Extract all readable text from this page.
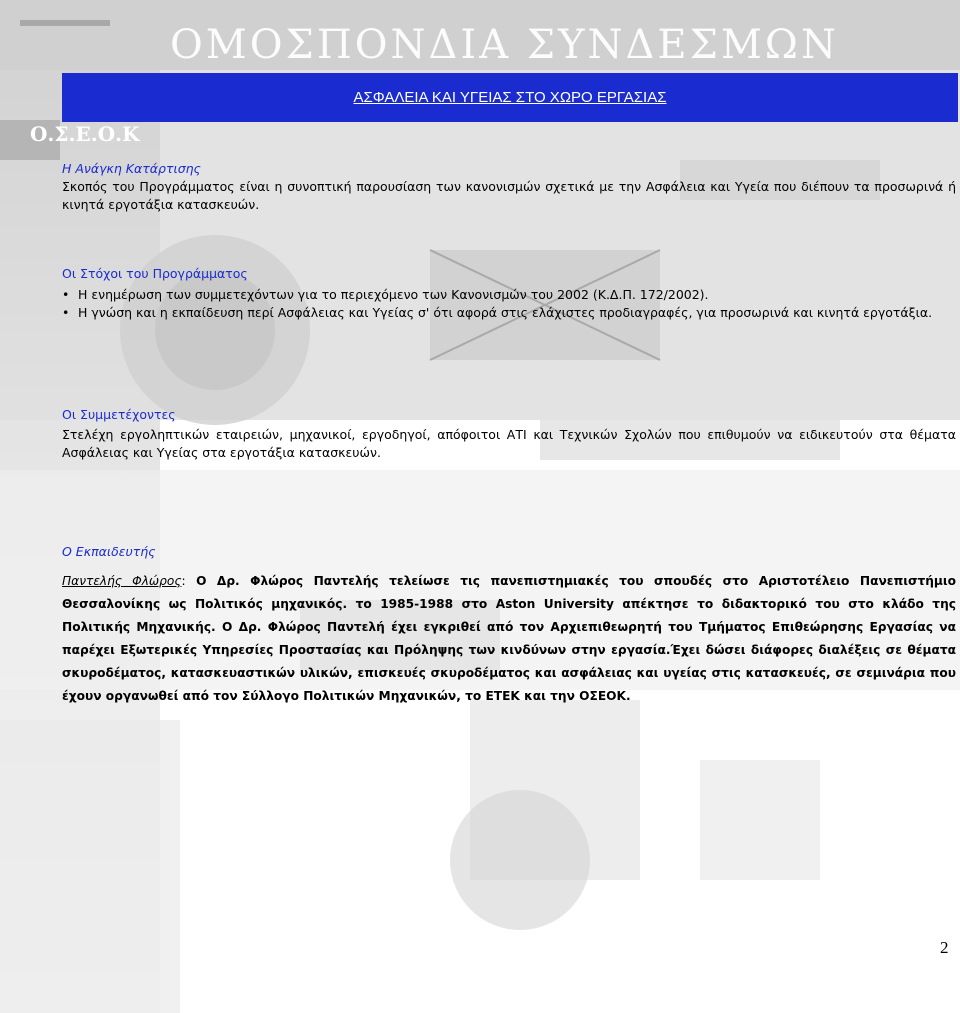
ΟΜΟΣΠΟΝΔΙΑ ΣΥΝΔΕΣΜΩΝ
Ο.Σ.Ε.Ο.Κ
ΑΣΦΑΛΕΙΑ ΚΑΙ ΥΓΕΙΑΣ ΣΤΟ ΧΩΡΟ ΕΡΓΑΣΙΑΣ
Η Ανάγκη Κατάρτισης
Σκοπός του Προγράμματος είναι η συνοπτική παρουσίαση των κανονισμών σχετικά με την Ασφάλεια και Υγεία που διέπουν τα προσωρινά ή κινητά εργοτάξια κατασκευών.
Οι Στόχοι του Προγράμματος
• Η ενημέρωση των συμμετεχόντων για το περιεχόμενο των Κανονισμών του 2002 (Κ.Δ.Π. 172/2002).
• Η γνώση και η εκπαίδευση περί Ασφάλειας και Υγείας σ' ότι αφορά στις ελάχιστες προδιαγραφές, για προσωρινά και κινητά εργοτάξια.
Οι Συμμετέχοντες
Στελέχη εργοληπτικών εταιρειών, μηχανικοί, εργοδηγοί, απόφοιτοι ΑΤΙ και Τεχνικών Σχολών που επιθυμούν να ειδικευτούν στα θέματα Ασφάλειας και Υγείας στα εργοτάξια κατασκευών.
Ο Εκπαιδευτής
Παντελής Φλώρος: Ο Δρ. Φλώρος Παντελής τελείωσε τις πανεπιστημιακές του σπουδές στο Αριστοτέλειο Πανεπιστήμιο Θεσσαλονίκης ως Πολιτικός μηχανικός. το 1985-1988 στο Aston University απέκτησε το διδακτορικό του στο κλάδο της Πολιτικής Μηχανικής. Ο Δρ. Φλώρος Παντελή έχει εγκριθεί από τον Αρχιεπιθεωρητή του Τμήματος Επιθεώρησης Εργασίας να παρέχει Εξωτερικές Υπηρεσίες Προστασίας και Πρόληψης των κινδύνων στην εργασία.Έχει δώσει διάφορες διαλέξεις σε θέματα σκυροδέματος, κατασκευαστικών υλικών, επισκευές σκυροδέματος και ασφάλειας και υγείας στις κατασκευές, σε σεμινάρια που έχουν οργανωθεί από τον Σύλλογο Πολιτικών Μηχανικών, το ΕΤΕΚ και την ΟΣΕΟΚ.
2
